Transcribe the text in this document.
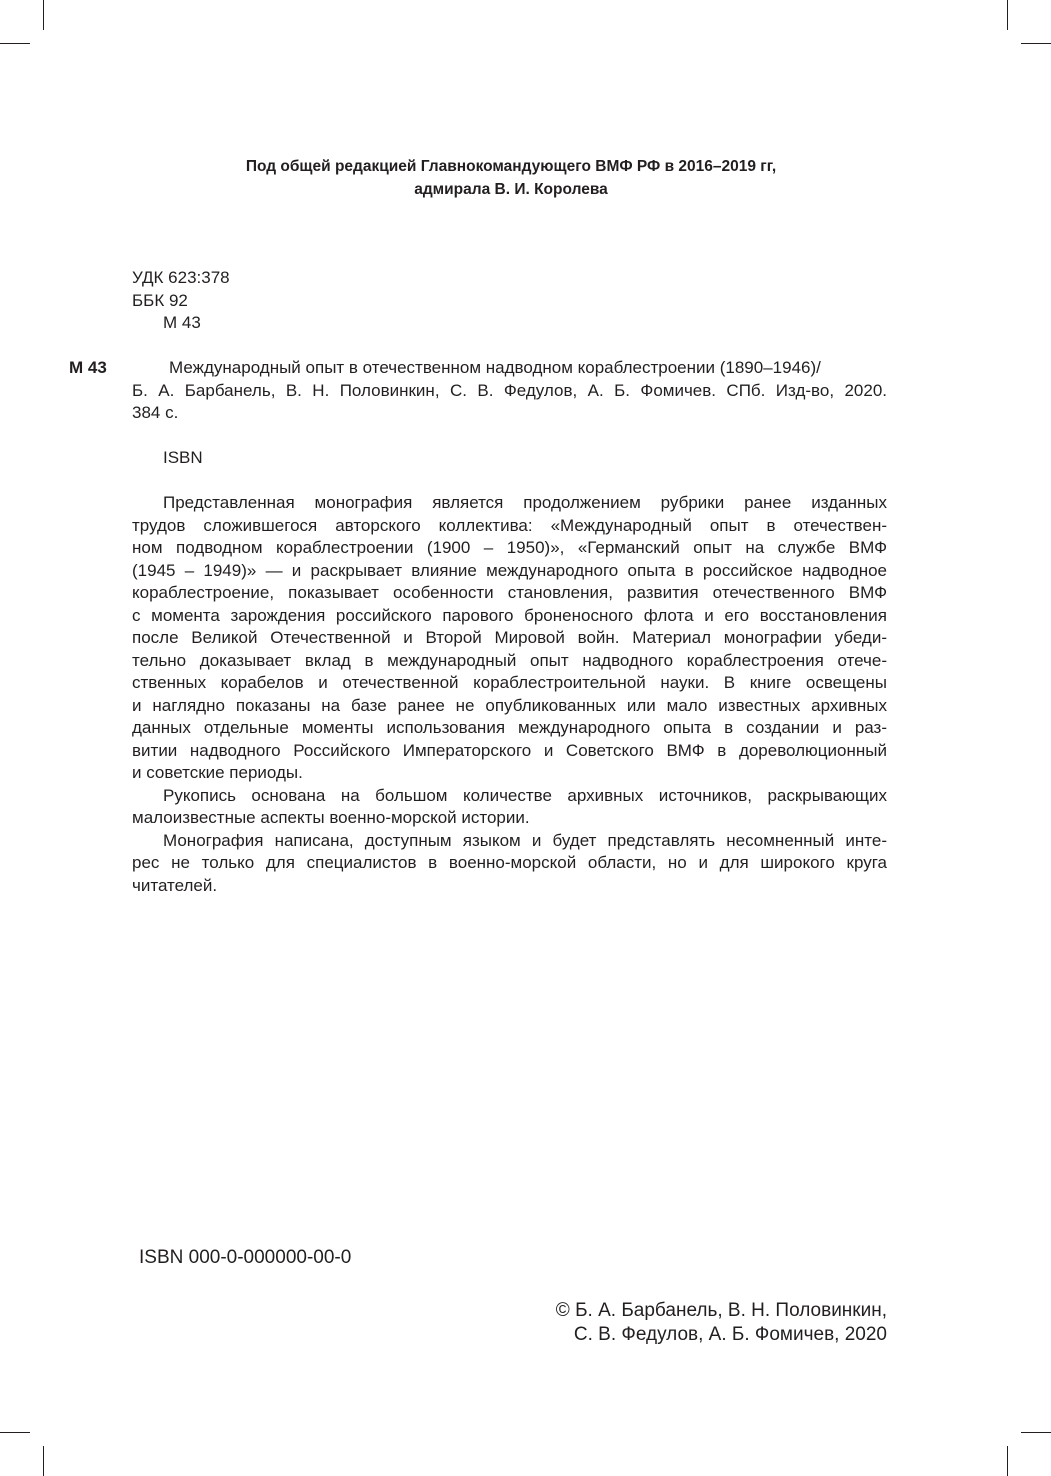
Под общей редакцией Главнокомандующего ВМФ РФ в 2016–2019 гг,
адмирала В. И. Королева
УДК 623:378
ББК 92
М 43
М 43	Международный опыт в отечественном надводном кораблестроении (1890–1946)/
Б. А. Барбанель, В. Н. Половинкин, С. В. Федулов, А. Б. Фомичев. СПб. Изд-во, 2020.
384 с.
ISBN
Представленная монография является продолжением рубрики ранее изданных
трудов сложившегося авторского коллектива: «Международный опыт в отечествен-
ном подводном кораблестроении (1900 – 1950)», «Германский опыт на службе ВМФ
(1945 – 1949)» — и раскрывает влияние международного опыта в российское надводное
кораблестроение, показывает особенности становления, развития отечественного ВМФ
с момента зарождения российского парового броненосного флота и его восстановления
после Великой Отечественной и Второй Мировой войн. Материал монографии убеди-
тельно доказывает вклад в международный опыт надводного кораблестроения отече-
ственных корабелов и отечественной кораблестроительной науки. В книге освещены
и наглядно показаны на базе ранее не опубликованных или мало известных архивных
данных отдельные моменты использования международного опыта в создании и раз-
витии надводного Российского Императорского и Советского ВМФ в дореволюционный
и советские периоды.
Рукопись основана на большом количестве архивных источников, раскрывающих
малоизвестные аспекты военно-морской истории.
Монография написана, доступным языком и будет представлять несомненный инте-
рес не только для специалистов в военно-морской области, но и для широкого круга
читателей.
ISBN 000-0-000000-00-0
© Б. А. Барбанель, В. Н. Половинкин,
С. В. Федулов, А. Б. Фомичев, 2020
